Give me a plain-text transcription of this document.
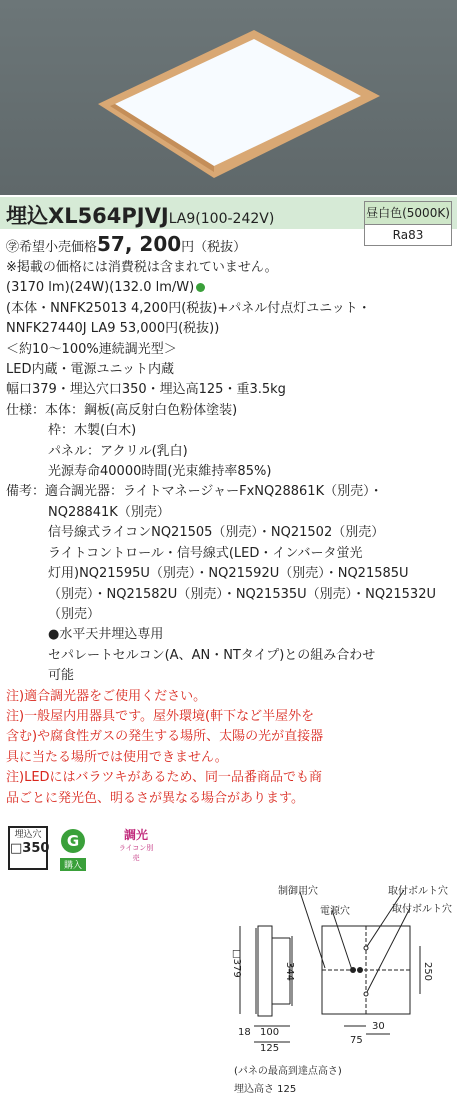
埋込XL564PJVJLA9(100-242V)	昼白色(5000K)
Ra83
㊫希望小売価格57, 200円（税抜）
※掲載の価格には消費税は含まれていません。
(3170 lm)(24W)(132.0 lm/W)
(本体・NNFK25013 4,200円(税抜)+パネル付点灯ユニット・
NNFK27440J LA9 53,000円(税抜))
＜約10～100%連続調光型＞
LED内蔵・電源ユニット内蔵
幅口379・埋込穴口350・埋込高125・重3.5kg
仕様：本体：鋼板(高反射白色粉体塗装)
枠：木製(白木)
パネル：アクリル(乳白)
光源寿命40000時間(光束維持率85%)
備考：適合調光器：ライトマネージャーFxNQ28861K（別売）・
NQ28841K（別売）
信号線式ライコンNQ21505（別売）・NQ21502（別売）
ライトコントロール・信号線式(LED・インバータ蛍光
灯用)NQ21595U（別売）・NQ21592U（別売）・NQ21585U
（別売）・NQ21582U（別売）・NQ21535U（別売）・NQ21532U
（別売）
●水平天井埋込専用
セパレートセルコン(A、AN・NTタイプ)との組み合わせ
可能
注)適合調光器をご使用ください。
注)一般屋内用器具です。屋外環境(軒下など半屋外を
含む)や腐食性ガスの発生する場所、太陽の光が直接器
具に当たる場所では使用できません。
注)LEDにはバラツキがあるため、同一品番商品でも商
品ごとに発光色、明るさが異なる場合があります。
埋込穴
□350 G
購入
調光
ライコン別売
制御用穴
電源穴
取付ボルト穴
取付ボルト穴
□379	344	250
18 100
125
75
30
(パネの最高到達点高さ)
埋込高さ 125
